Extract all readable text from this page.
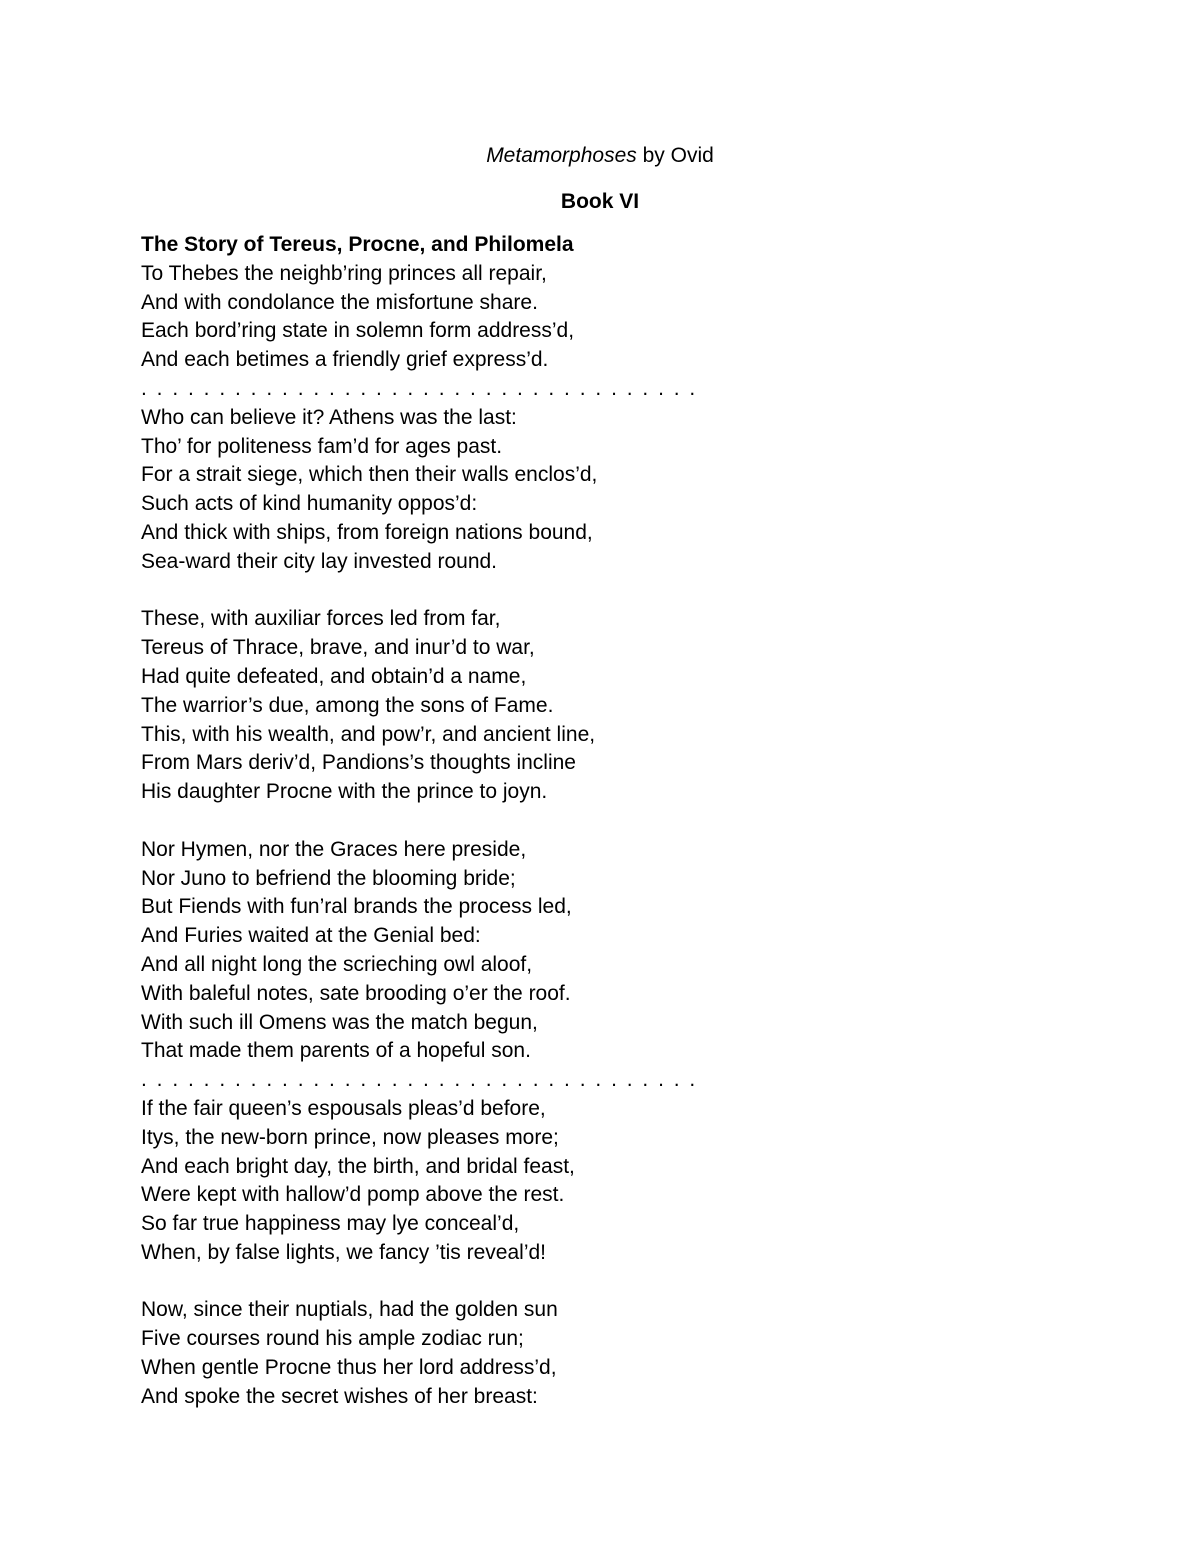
Metamorphoses by Ovid
Book VI
The Story of Tereus, Procne, and Philomela
To Thebes the neighb’ring princes all repair,
And with condolance the misfortune share.
Each bord’ring state in solemn form address’d,
And each betimes a friendly grief express’d.
. . . . . . . . . . . . . . . . . . . . . . . . . . . . . . . . . . . .
Who can believe it? Athens was the last:
Tho’ for politeness fam’d for ages past.
For a strait siege, which then their walls enclos’d,
Such acts of kind humanity oppos’d:
And thick with ships, from foreign nations bound,
Sea-ward their city lay invested round.
These, with auxiliar forces led from far,
Tereus of Thrace, brave, and inur’d to war,
Had quite defeated, and obtain’d a name,
The warrior’s due, among the sons of Fame.
This, with his wealth, and pow’r, and ancient line,
From Mars deriv’d, Pandions’s thoughts incline
His daughter Procne with the prince to joyn.
Nor Hymen, nor the Graces here preside,
Nor Juno to befriend the blooming bride;
But Fiends with fun’ral brands the process led,
And Furies waited at the Genial bed:
And all night long the scrieching owl aloof,
With baleful notes, sate brooding o’er the roof.
With such ill Omens was the match begun,
That made them parents of a hopeful son.
. . . . . . . . . . . . . . . . . . . . . . . . . . . . . . . . . . . .
If the fair queen’s espousals pleas’d before,
Itys, the new-born prince, now pleases more;
And each bright day, the birth, and bridal feast,
Were kept with hallow’d pomp above the rest.
So far true happiness may lye conceal’d,
When, by false lights, we fancy ’tis reveal’d!
Now, since their nuptials, had the golden sun
Five courses round his ample zodiac run;
When gentle Procne thus her lord address’d,
And spoke the secret wishes of her breast:
